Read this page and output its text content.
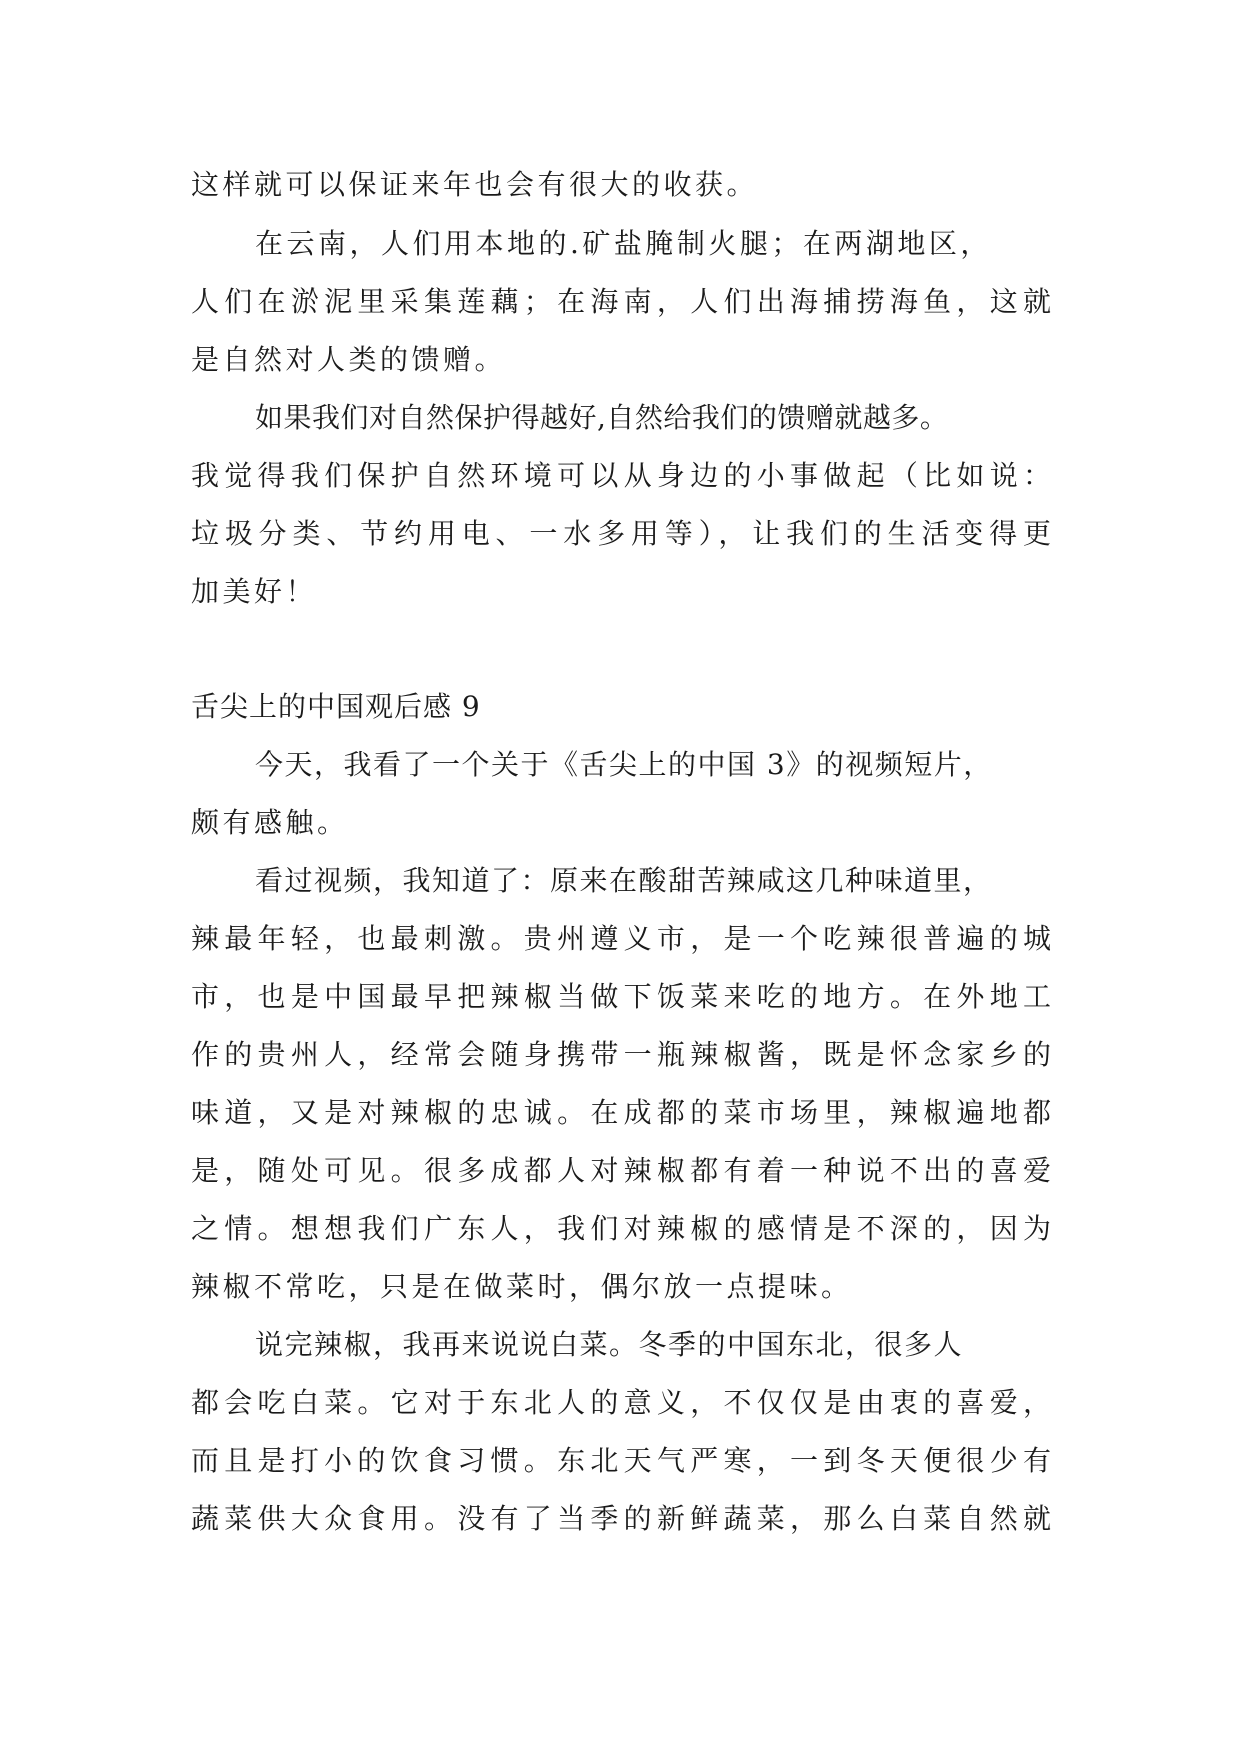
这样就可以保证来年也会有很大的收获。
在云南，人们用本地的.矿盐腌制火腿；在两湖地区，
人们在淤泥里采集莲藕；在海南，人们出海捕捞海鱼，这就
是自然对人类的馈赠。
如果我们对自然保护得越好,自然给我们的馈赠就越多。
我觉得我们保护自然环境可以从身边的小事做起（比如说：
垃圾分类、节约用电、一水多用等），让我们的生活变得更
加美好！
舌尖上的中国观后感 9
今天，我看了一个关于《舌尖上的中国 3》的视频短片，
颇有感触。
看过视频，我知道了：原来在酸甜苦辣咸这几种味道里，
辣最年轻，也最刺激。贵州遵义市，是一个吃辣很普遍的城
市，也是中国最早把辣椒当做下饭菜来吃的地方。在外地工
作的贵州人，经常会随身携带一瓶辣椒酱，既是怀念家乡的
味道，又是对辣椒的忠诚。在成都的菜市场里，辣椒遍地都
是，随处可见。很多成都人对辣椒都有着一种说不出的喜爱
之情。想想我们广东人，我们对辣椒的感情是不深的，因为
辣椒不常吃，只是在做菜时，偶尔放一点提味。
说完辣椒，我再来说说白菜。冬季的中国东北，很多人
都会吃白菜。它对于东北人的意义，不仅仅是由衷的喜爱，
而且是打小的饮食习惯。东北天气严寒，一到冬天便很少有
蔬菜供大众食用。没有了当季的新鲜蔬菜，那么白菜自然就
